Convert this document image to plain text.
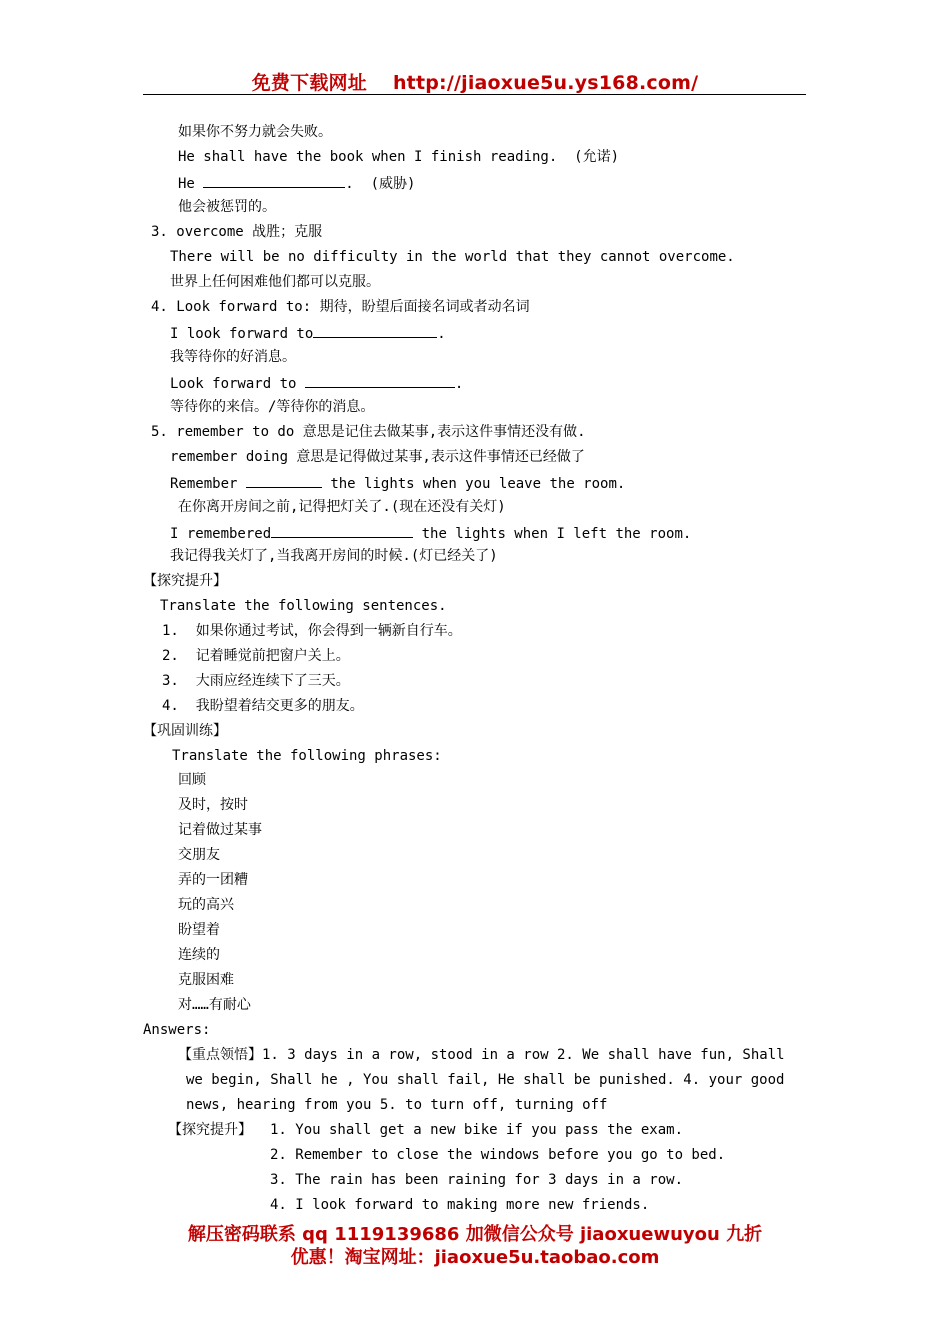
免费下载网址 http://jiaoxue5u.ys168.com/
如果你不努力就会失败。
He shall have the book when I finish reading.  (允诺)
He	.  (威胁)
他会被惩罚的。
3. overcome 战胜；克服
There will be no difficulty in the world that they cannot overcome.
世界上任何困难他们都可以克服。
4. Look forward to: 期待，盼望后面接名词或者动名词
I look forward to	.
我等待你的好消息。
Look forward to	.
等待你的来信。/等待你的消息。
5. remember to do 意思是记住去做某事,表示这件事情还没有做.
remember doing 意思是记得做过某事,表示这件事情还已经做了
Remember	the lights when you leave the room.
在你离开房间之前,记得把灯关了.(现在还没有关灯)
I remembered	the lights when I left the room.
我记得我关灯了,当我离开房间的时候.(灯已经关了)
【探究提升】
Translate the following sentences.
1.  如果你通过考试，你会得到一辆新自行车。
2.  记着睡觉前把窗户关上。
3.  大雨应经连续下了三天。
4.  我盼望着结交更多的朋友。
【巩固训练】
Translate the following phrases:
回顾
及时，按时
记着做过某事
交朋友
弄的一团糟
玩的高兴
盼望着
连续的
克服困难
对……有耐心
Answers:
【重点领悟】1. 3 days in a row, stood in a row 2. We shall have fun, Shall
we begin, Shall he , You shall fail, He shall be punished. 4. your good
news, hearing from you 5. to turn off, turning off
【探究提升】 1. You shall get a new bike if you pass the exam.
2. Remember to close the windows before you go to bed.
3. The rain has been raining for 3 days in a row.
4. I look forward to making more new friends.
解压密码联系 qq 1119139686 加微信公众号 jiaoxuewuyou 九折
优惠！淘宝网址：jiaoxue5u.taobao.com
